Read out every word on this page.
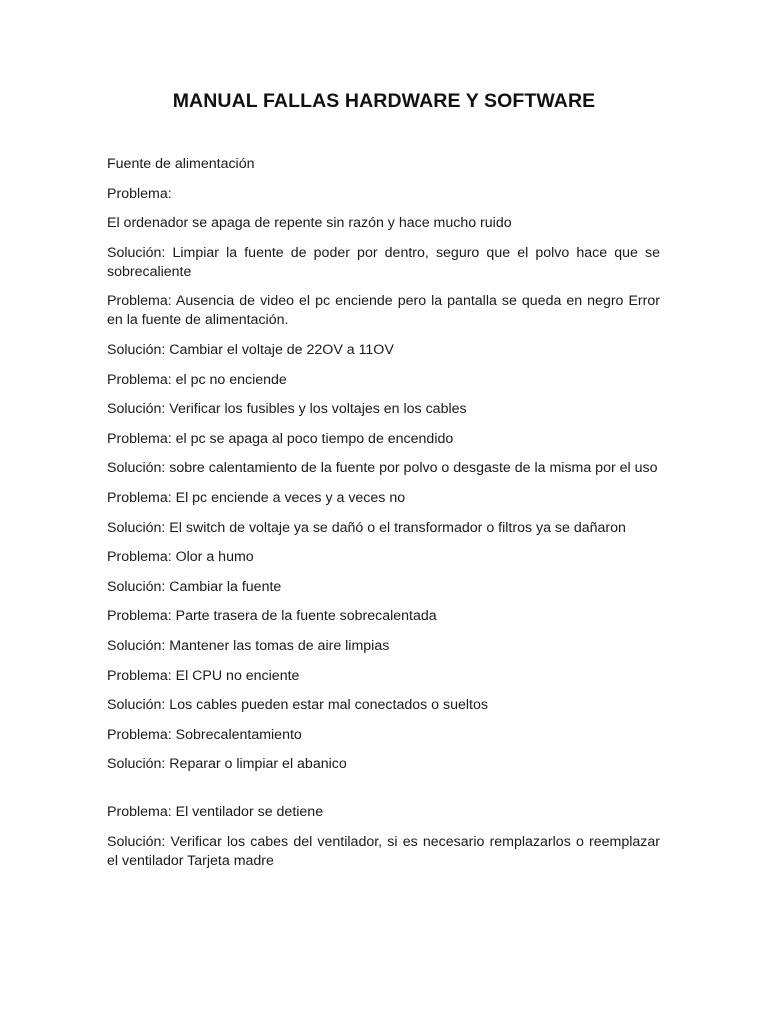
MANUAL FALLAS HARDWARE Y SOFTWARE

Fuente de alimentación

Problema:

El ordenador se apaga de repente sin razón y hace mucho ruido

Solución: Limpiar la fuente de poder por dentro, seguro que el polvo hace que se sobrecaliente

Problema: Ausencia de video el pc enciende pero la pantalla se queda en negro Error en la fuente de alimentación.

Solución: Cambiar el voltaje de 22OV a 11OV

Problema: el pc no enciende

Solución: Verificar los fusibles y los voltajes en los cables

Problema: el pc se apaga al poco tiempo de encendido

Solución: sobre calentamiento de la fuente por polvo o desgaste de la misma por el uso

Problema: El pc enciende a veces y a veces no

Solución: El switch de voltaje ya se dañó o el transformador o filtros ya se dañaron

Problema: Olor a humo

Solución: Cambiar la fuente

Problema: Parte trasera de la fuente sobrecalentada

Solución: Mantener las tomas de aire limpias

Problema: El CPU no enciente

Solución: Los cables pueden estar mal conectados o sueltos

Problema: Sobrecalentamiento

Solución: Reparar o limpiar el abanico

Problema: El ventilador se detiene

Solución: Verificar los cabes del ventilador, si es necesario remplazarlos o reemplazar el ventilador Tarjeta madre
